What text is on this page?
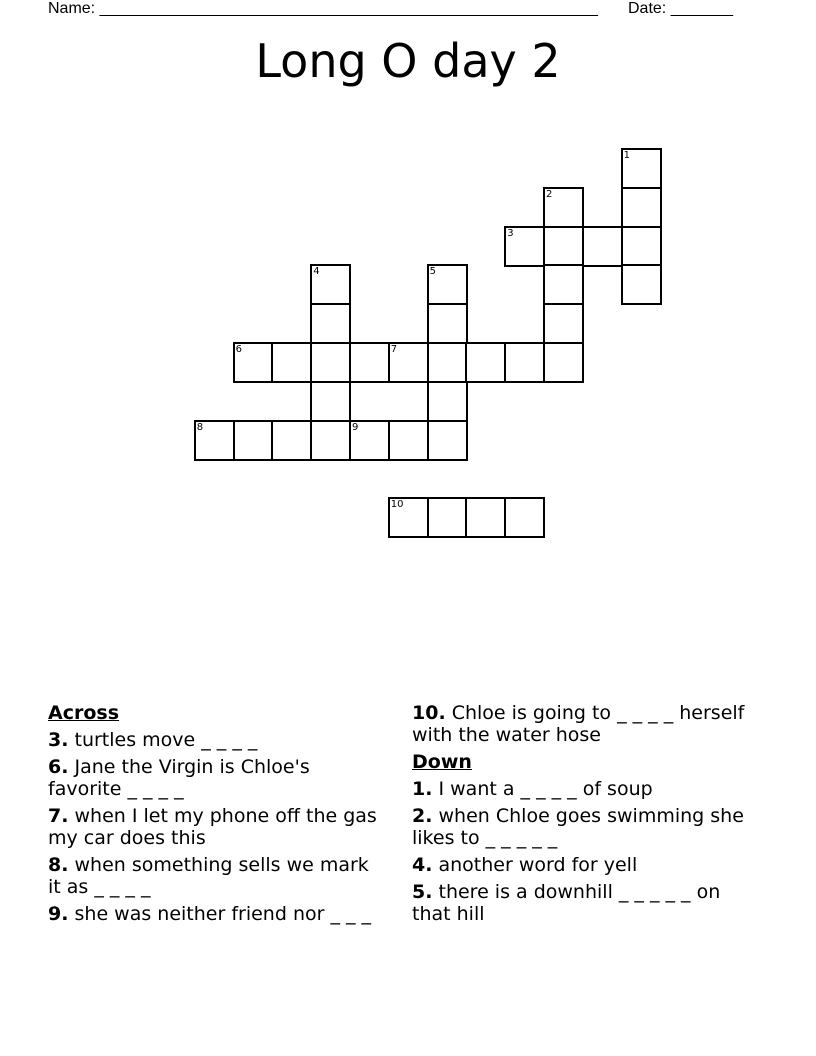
Name: ________________________________________________________ Date: _______
Long O day 2
1
2
3
4	5
6	7
8	9
10
Across
3. turtles move _ _ _ _
6. Jane the Virgin is Chloe's favorite _ _ _ _
7. when I let my phone off the gas my car does this
8. when something sells we mark it as _ _ _ _
9. she was neither friend nor _ _ _
10. Chloe is going to _ _ _ _ herself with the water hose
Down
1. I want a _ _ _ _ of soup
2. when Chloe goes swimming she likes to _ _ _ _ _
4. another word for yell
5. there is a downhill _ _ _ _ _ on that hill
